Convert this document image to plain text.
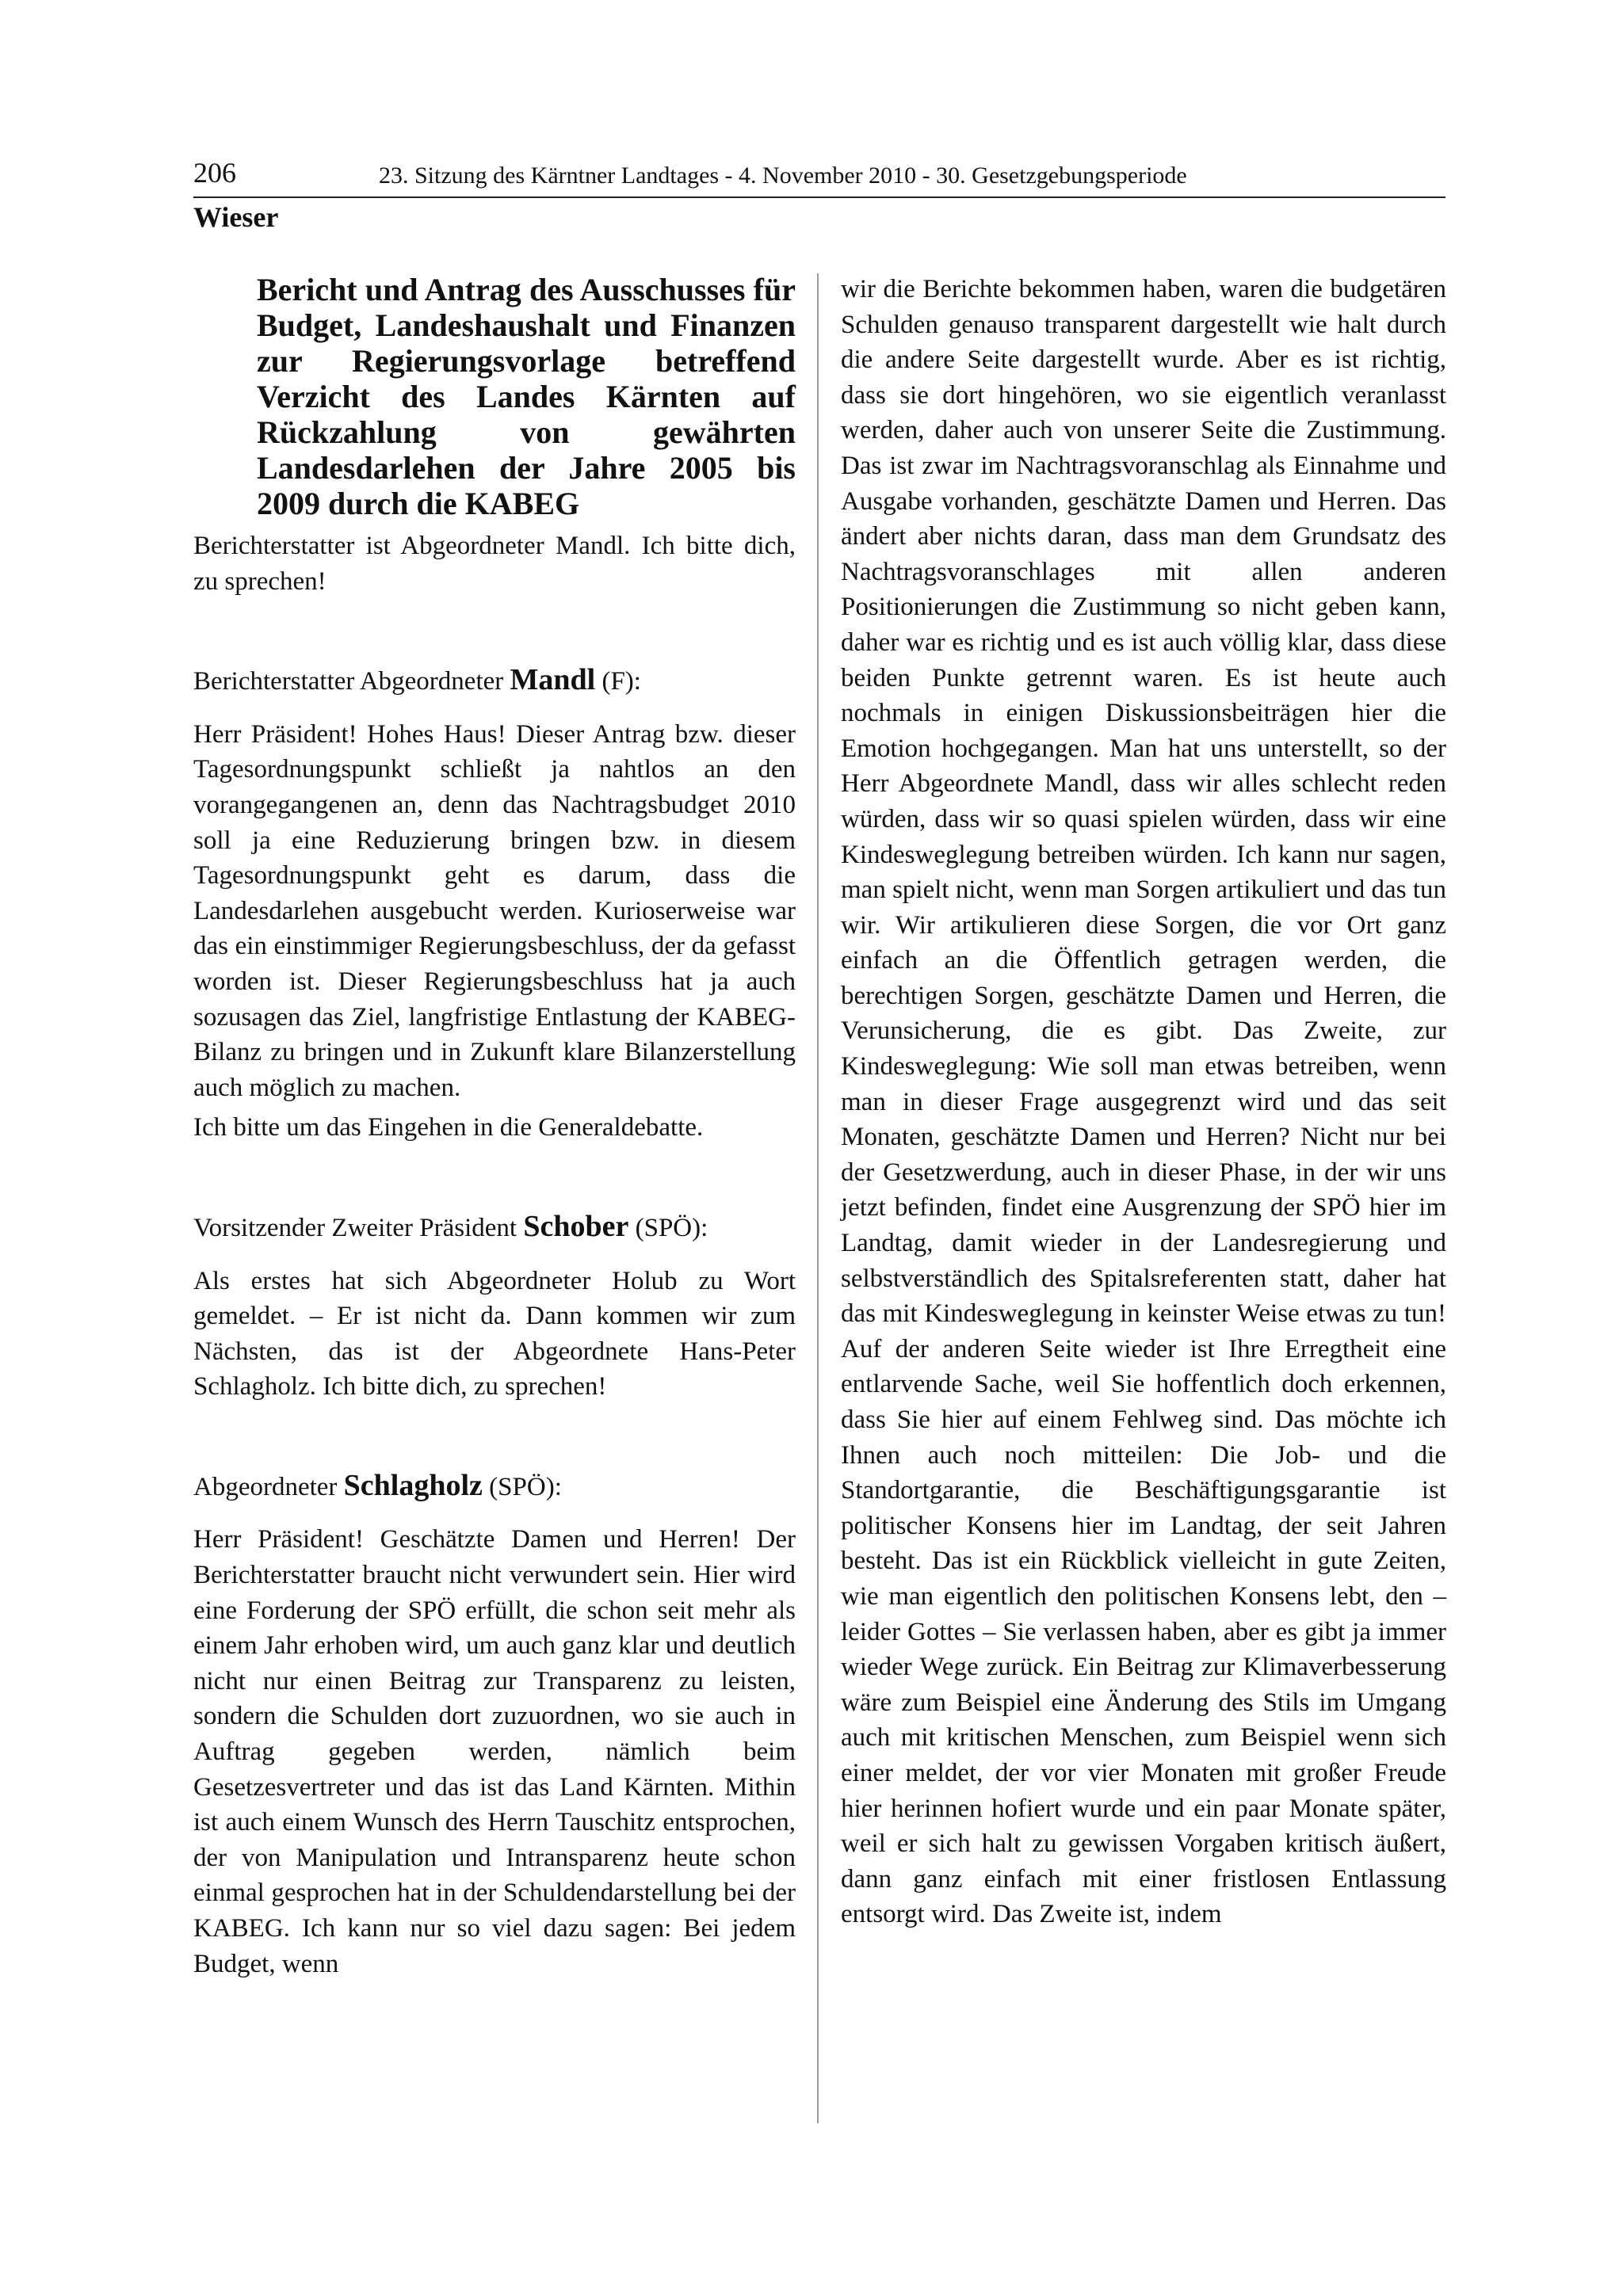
206	23. Sitzung des Kärntner Landtages - 4. November 2010 - 30. Gesetzgebungsperiode
Wieser

Bericht und Antrag des Ausschusses für Budget, Landeshaushalt und Finanzen zur Regierungsvorlage betreffend Verzicht des Landes Kärnten auf Rückzahlung von gewährten Landesdarlehen der Jahre 2005 bis 2009 durch die KABEG

Berichterstatter ist Abgeordneter Mandl. Ich bitte dich, zu sprechen!

Berichterstatter Abgeordneter Mandl (F):

Herr Präsident! Hohes Haus! Dieser Antrag bzw. dieser Tagesordnungspunkt schließt ja nahtlos an den vorangegangenen an, denn das Nachtragsbudget 2010 soll ja eine Reduzierung bringen bzw. in diesem Tagesordnungspunkt geht es darum, dass die Landesdarlehen ausgebucht werden. Kurioserweise war das ein einstimmiger Regierungsbeschluss, der da gefasst worden ist. Dieser Regierungsbeschluss hat ja auch sozusagen das Ziel, langfristige Entlastung der KABEG-Bilanz zu bringen und in Zukunft klare Bilanzerstellung auch möglich zu machen.

Ich bitte um das Eingehen in die Generaldebatte.

Vorsitzender Zweiter Präsident Schober (SPÖ):

Als erstes hat sich Abgeordneter Holub zu Wort gemeldet. – Er ist nicht da. Dann kommen wir zum Nächsten, das ist der Abgeordnete Hans-Peter Schlagholz. Ich bitte dich, zu sprechen!

Abgeordneter Schlagholz (SPÖ):

Herr Präsident! Geschätzte Damen und Herren! Der Berichterstatter braucht nicht verwundert sein. Hier wird eine Forderung der SPÖ erfüllt, die schon seit mehr als einem Jahr erhoben wird, um auch ganz klar und deutlich nicht nur einen Beitrag zur Transparenz zu leisten, sondern die Schulden dort zuzuordnen, wo sie auch in Auftrag gegeben werden, nämlich beim Gesetzesvertreter und das ist das Land Kärnten. Mithin ist auch einem Wunsch des Herrn Tauschitz entsprochen, der von Manipulation und Intransparenz heute schon einmal gesprochen hat in der Schuldendarstellung bei der KABEG. Ich kann nur so viel dazu sagen: Bei jedem Budget, wenn

wir die Berichte bekommen haben, waren die budgetären Schulden genauso transparent dargestellt wie halt durch die andere Seite dargestellt wurde. Aber es ist richtig, dass sie dort hingehören, wo sie eigentlich veranlasst werden, daher auch von unserer Seite die Zustimmung. Das ist zwar im Nachtragsvoranschlag als Einnahme und Ausgabe vorhanden, geschätzte Damen und Herren. Das ändert aber nichts daran, dass man dem Grundsatz des Nachtragsvoranschlages mit allen anderen Positionierungen die Zustimmung so nicht geben kann, daher war es richtig und es ist auch völlig klar, dass diese beiden Punkte getrennt waren. Es ist heute auch nochmals in einigen Diskussionsbeiträgen hier die Emotion hochgegangen. Man hat uns unterstellt, so der Herr Abgeordnete Mandl, dass wir alles schlecht reden würden, dass wir so quasi spielen würden, dass wir eine Kindesweglegung betreiben würden. Ich kann nur sagen, man spielt nicht, wenn man Sorgen artikuliert und das tun wir. Wir artikulieren diese Sorgen, die vor Ort ganz einfach an die Öffentlich getragen werden, die berechtigen Sorgen, geschätzte Damen und Herren, die Verunsicherung, die es gibt. Das Zweite, zur Kindesweglegung: Wie soll man etwas betreiben, wenn man in dieser Frage ausgegrenzt wird und das seit Monaten, geschätzte Damen und Herren? Nicht nur bei der Gesetzwerdung, auch in dieser Phase, in der wir uns jetzt befinden, findet eine Ausgrenzung der SPÖ hier im Landtag, damit wieder in der Landesregierung und selbstverständlich des Spitalsreferenten statt, daher hat das mit Kindesweglegung in keinster Weise etwas zu tun! Auf der anderen Seite wieder ist Ihre Erregtheit eine entlarvende Sache, weil Sie hoffentlich doch erkennen, dass Sie hier auf einem Fehlweg sind. Das möchte ich Ihnen auch noch mitteilen: Die Job- und die Standortgarantie, die Beschäftigungsgarantie ist politischer Konsens hier im Landtag, der seit Jahren besteht. Das ist ein Rückblick vielleicht in gute Zeiten, wie man eigentlich den politischen Konsens lebt, den – leider Gottes – Sie verlassen haben, aber es gibt ja immer wieder Wege zurück. Ein Beitrag zur Klimaverbesserung wäre zum Beispiel eine Änderung des Stils im Umgang auch mit kritischen Menschen, zum Beispiel wenn sich einer meldet, der vor vier Monaten mit großer Freude hier herinnen hofiert wurde und ein paar Monate später, weil er sich halt zu gewissen Vorgaben kritisch äußert, dann ganz einfach mit einer fristlosen Entlassung entsorgt wird. Das Zweite ist, indem
